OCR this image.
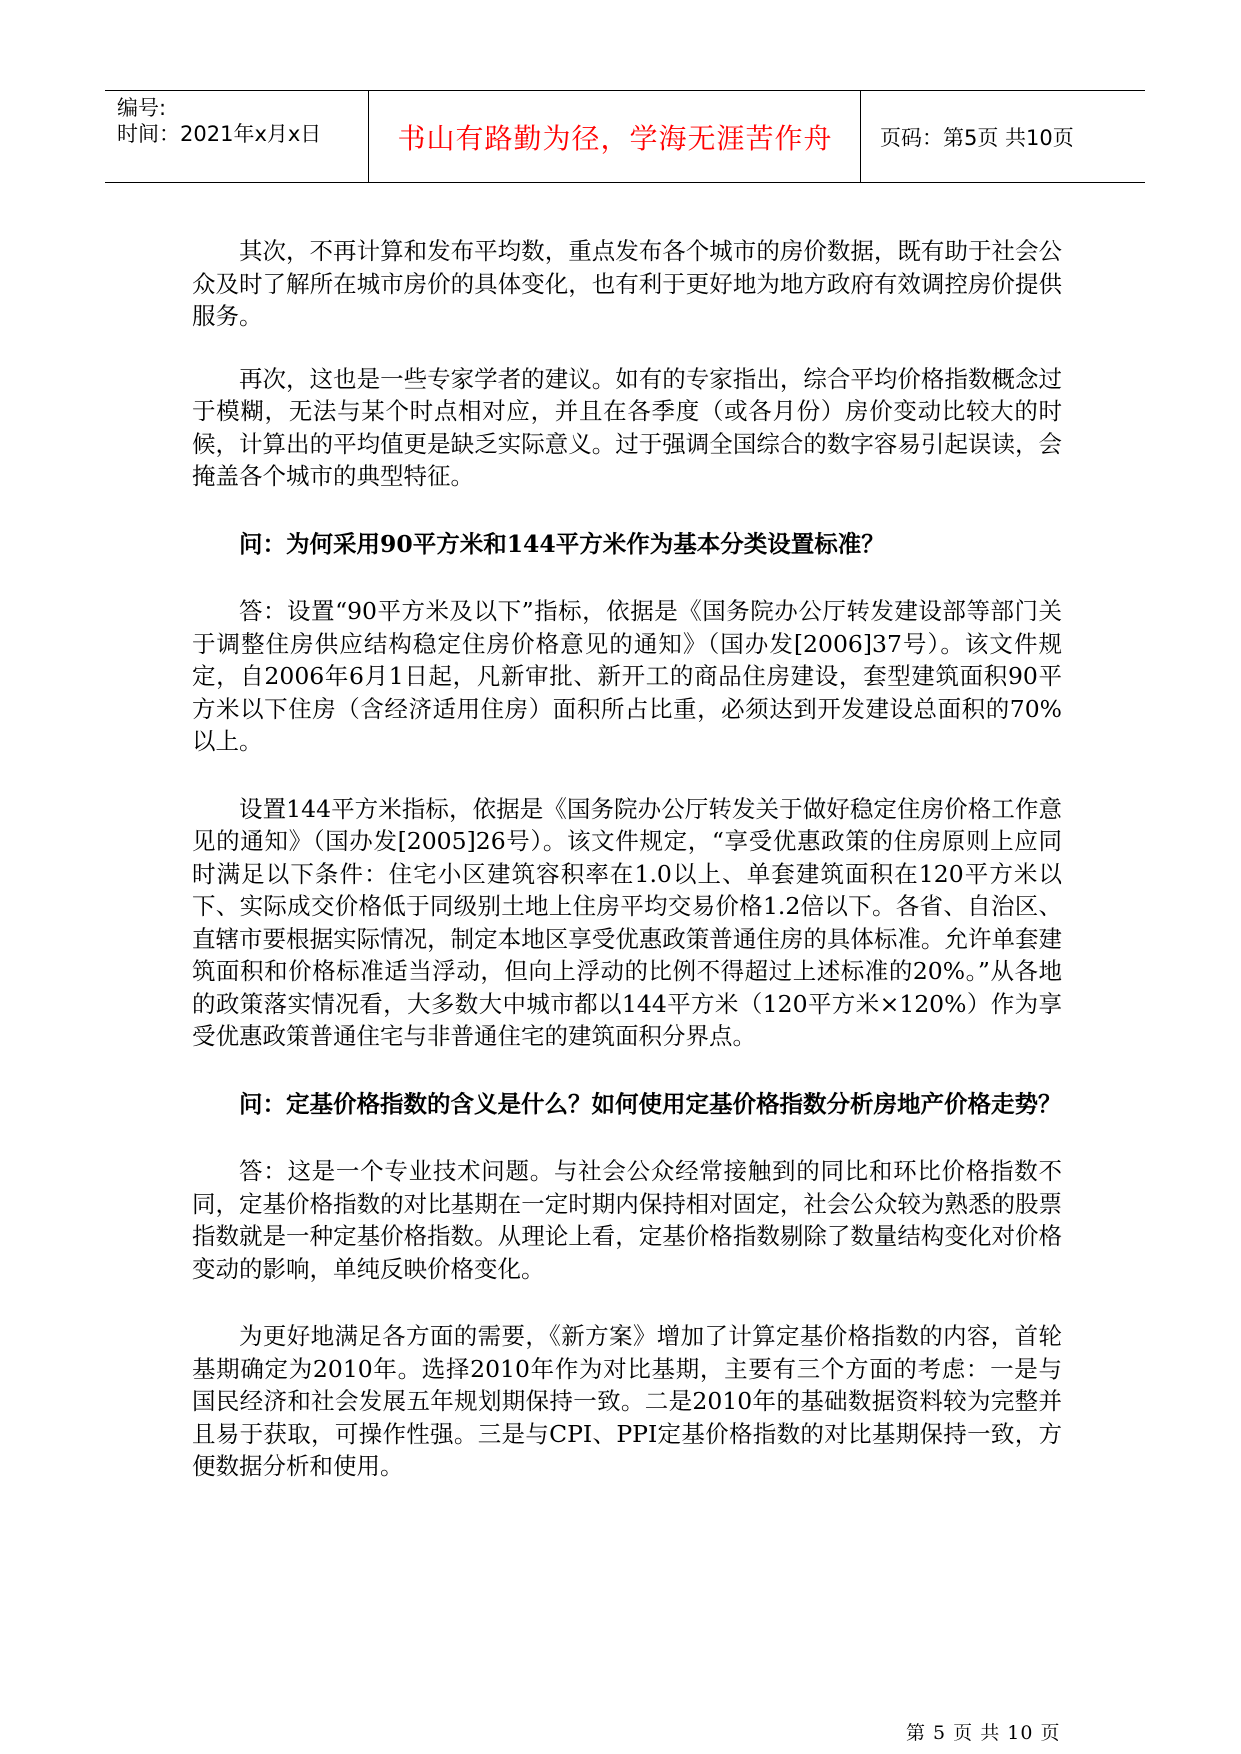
编号:
时间：2021年x月x日	书山有路勤为径，学海无涯苦作舟	页码：第5页 共10页

其次，不再计算和发布平均数，重点发布各个城市的房价数据，既有助于社会公众及时了解所在城市房价的具体变化，也有利于更好地为地方政府有效调控房价提供服务。

再次，这也是一些专家学者的建议。如有的专家指出，综合平均价格指数概念过于模糊，无法与某个时点相对应，并且在各季度（或各月份）房价变动比较大的时候，计算出的平均值更是缺乏实际意义。过于强调全国综合的数字容易引起误读，会掩盖各个城市的典型特征。

问：为何采用90平方米和144平方米作为基本分类设置标准？

答：设置“90平方米及以下”指标，依据是《国务院办公厅转发建设部等部门关于调整住房供应结构稳定住房价格意见的通知》（国办发[2006]37号）。该文件规定，自2006年6月1日起，凡新审批、新开工的商品住房建设，套型建筑面积90平方米以下住房（含经济适用住房）面积所占比重，必须达到开发建设总面积的70%以上。

设置144平方米指标，依据是《国务院办公厅转发关于做好稳定住房价格工作意见的通知》（国办发[2005]26号）。该文件规定，“享受优惠政策的住房原则上应同时满足以下条件：住宅小区建筑容积率在1.0以上、单套建筑面积在120平方米以下、实际成交价格低于同级别土地上住房平均交易价格1.2倍以下。各省、自治区、直辖市要根据实际情况，制定本地区享受优惠政策普通住房的具体标准。允许单套建筑面积和价格标准适当浮动，但向上浮动的比例不得超过上述标准的20%。”从各地的政策落实情况看，大多数大中城市都以144平方米（120平方米×120%）作为享受优惠政策普通住宅与非普通住宅的建筑面积分界点。

问：定基价格指数的含义是什么？如何使用定基价格指数分析房地产价格走势？

答：这是一个专业技术问题。与社会公众经常接触到的同比和环比价格指数不同，定基价格指数的对比基期在一定时期内保持相对固定，社会公众较为熟悉的股票指数就是一种定基价格指数。从理论上看，定基价格指数剔除了数量结构变化对价格变动的影响，单纯反映价格变化。

为更好地满足各方面的需要，《新方案》增加了计算定基价格指数的内容，首轮基期确定为2010年。选择2010年作为对比基期，主要有三个方面的考虑：一是与国民经济和社会发展五年规划期保持一致。二是2010年的基础数据资料较为完整并且易于获取，可操作性强。三是与CPI、PPI定基价格指数的对比基期保持一致，方便数据分析和使用。

第 5 页 共 10 页
